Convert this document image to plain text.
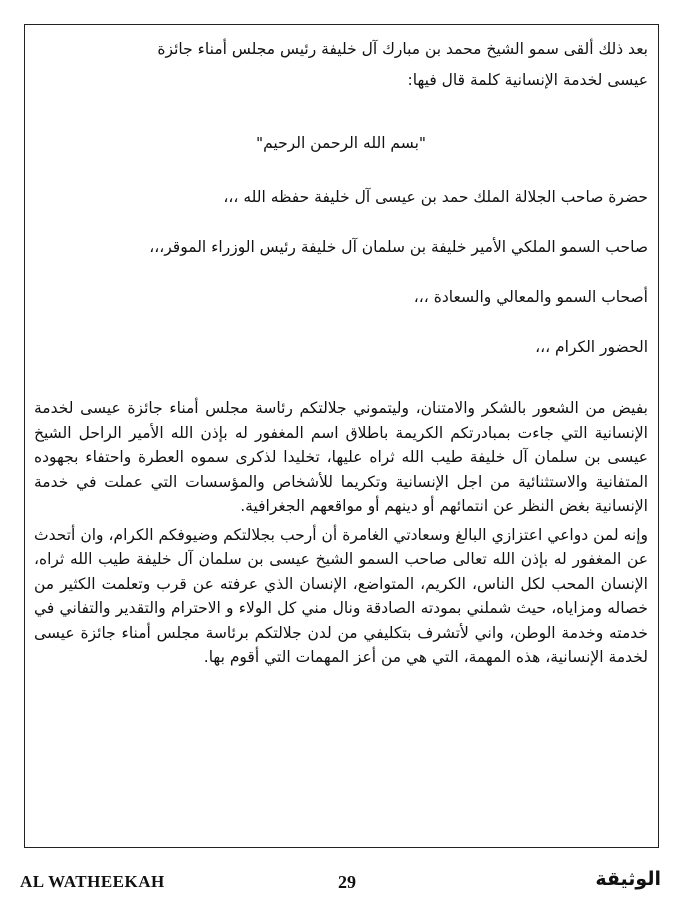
بعد ذلك ألقى سمو الشيخ محمد بن مبارك آل خليفة رئيس مجلس أمناء جائزة

عيسى لخدمة الإنسانية كلمة قال فيها:

"بسم الله الرحمن الرحيم"

حضرة صاحب الجلالة الملك حمد بن عيسى آل خليفة حفظه الله ،،،

صاحب السمو الملكي الأمير خليفة بن سلمان آل خليفة رئيس الوزراء الموقر،،،

أصحاب السمو والمعالي والسعادة ،،،

الحضور الكرام ،،،

بفيض من الشعور بالشكر والامتنان، وليتموني جلالتكم رئاسة مجلس أمناء جائزة عيسى لخدمة الإنسانية التي جاءت بمبادرتكم الكريمة باطلاق اسم المغفور له بإذن الله الأمير الراحل الشيخ عيسى بن سلمان آل خليفة طيب الله ثراه عليها، تخليدا لذكرى سموه العطرة واحتفاء بجهوده المتفانية والاستثنائية من اجل الإنسانية وتكريما للأشخاص والمؤسسات التي عملت في خدمة الإنسانية بغض النظر عن انتمائهم أو دينهم أو مواقعهم الجغرافية.

وإنه لمن دواعي اعتزازي البالغ وسعادتي الغامرة أن أرحب بجلالتكم وضيوفكم الكرام، وان أتحدث عن المغفور له بإذن الله تعالى صاحب السمو الشيخ عيسى بن سلمان آل خليفة طيب الله ثراه، الإنسان المحب لكل الناس، الكريم، المتواضع، الإنسان الذي عرفته عن قرب وتعلمت الكثير من خصاله ومزاياه، حيث شملني بمودته الصادقة ونال مني كل الولاء و الاحترام والتقدير والتفاني في خدمته وخدمة الوطن، واني لأتشرف بتكليفي من لدن جلالتكم برئاسة مجلس أمناء جائزة عيسى لخدمة الإنسانية، هذه المهمة، التي هي من أعز المهمات التي أقوم بها.

AL WATHEEKAH	29	الوثيقة
